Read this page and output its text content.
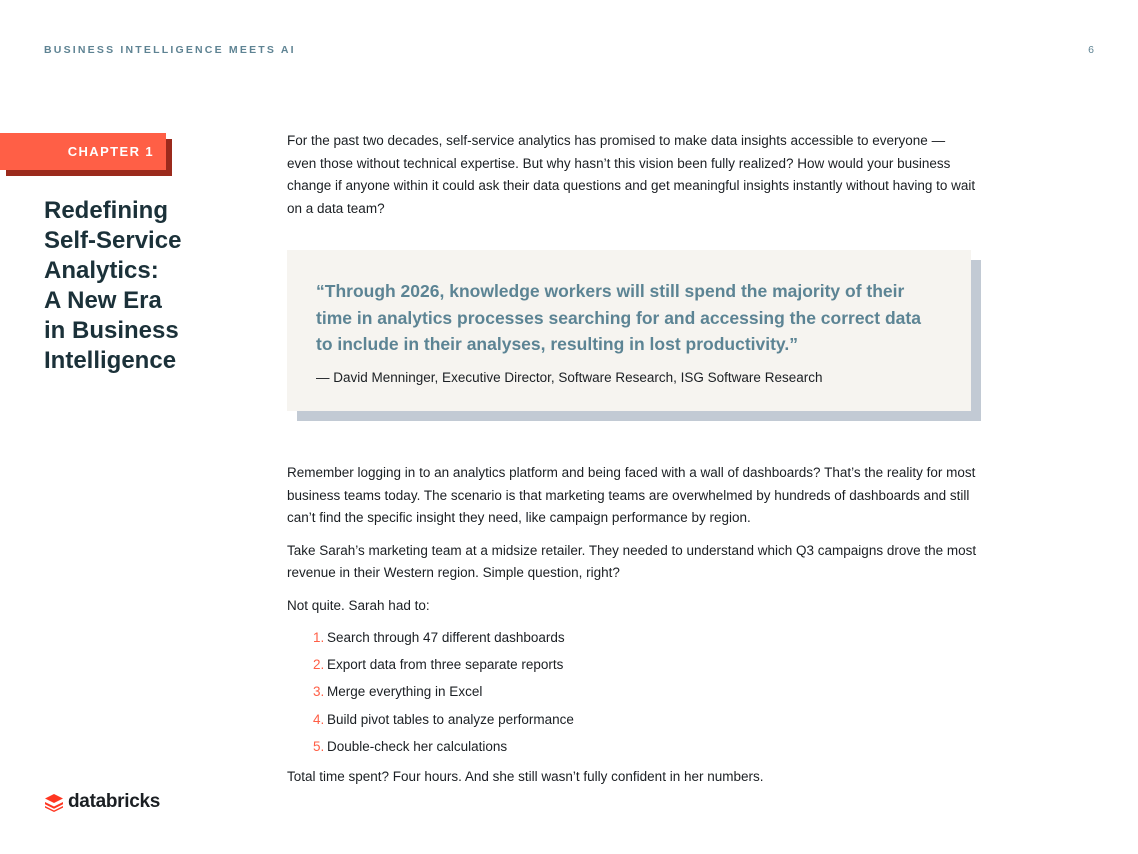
BUSINESS INTELLIGENCE MEETS AI	6
CHAPTER 1
Redefining
Self-Service
Analytics:
A New Era
in Business
Intelligence

For the past two decades, self-service analytics has promised to make data insights accessible to everyone — even those without technical expertise. But why hasn’t this vision been fully realized? How would your business change if anyone within it could ask their data questions and get meaningful insights instantly without having to wait on a data team?

“Through 2026, knowledge workers will still spend the majority of their time in analytics processes searching for and accessing the correct data to include in their analyses, resulting in lost productivity.”

— David Menninger, Executive Director, Software Research, ISG Software Research

Remember logging in to an analytics platform and being faced with a wall of dashboards? That’s the reality for most business teams today. The scenario is that marketing teams are overwhelmed by hundreds of dashboards and still can’t find the specific insight they need, like campaign performance by region.

Take Sarah’s marketing team at a midsize retailer. They needed to understand which Q3 campaigns drove the most revenue in their Western region. Simple question, right?

Not quite. Sarah had to:

1. Search through 47 different dashboards
2. Export data from three separate reports
3. Merge everything in Excel
4. Build pivot tables to analyze performance
5. Double-check her calculations

Total time spent? Four hours. And she still wasn’t fully confident in her numbers.

databricks
